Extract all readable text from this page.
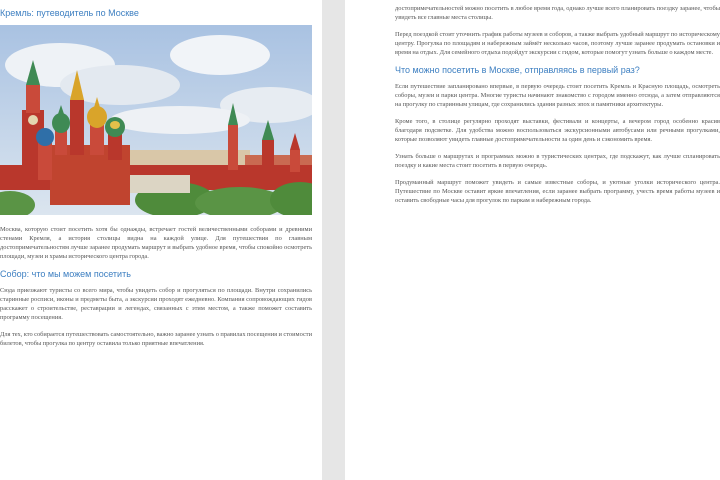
Кремль: путеводитель по Москве

Москва, которую стоит посетить хотя бы однажды, встречает гостей величественными соборами и древними стенами Кремля, а история столицы видна на каждой улице. Для путешествия по главным достопримечательностям лучше заранее продумать маршрут и выбрать удобное время, чтобы спокойно осмотреть площади, музеи и храмы исторического центра города.

Собор: что мы можем посетить

Сюда приезжают туристы со всего мира, чтобы увидеть собор и прогуляться по площади. Внутри сохранились старинные росписи, иконы и предметы быта, а экскурсии проходят ежедневно. Компания сопровождающих гидов расскажет о строительстве, реставрации и легендах, связанных с этим местом, а также поможет составить программу посещения.

Для тех, кто собирается путешествовать самостоятельно, важно заранее узнать о правилах посещения и стоимости билетов, чтобы прогулка по центру оставила только приятные впечатления.

достопримечательностей можно посетить в любое время года, однако лучше всего планировать поездку заранее, чтобы увидеть все главные места столицы.

Перед поездкой стоит уточнить график работы музеев и соборов, а также выбрать удобный маршрут по историческому центру. Прогулка по площадям и набережным займёт несколько часов, поэтому лучше заранее продумать остановки и время на отдых. Для семейного отдыха подойдут экскурсии с гидом, которые помогут узнать больше о каждом месте.

Что можно посетить в Москве, отправляясь в первый раз?

Если путешествие запланировано впервые, в первую очередь стоит посетить Кремль и Красную площадь, осмотреть соборы, музеи и парки центра. Многие туристы начинают знакомство с городом именно отсюда, а затем отправляются на прогулку по старинным улицам, где сохранились здания разных эпох и памятники архитектуры.

Кроме того, в столице регулярно проходят выставки, фестивали и концерты, а вечером город особенно красив благодаря подсветке. Для удобства можно воспользоваться экскурсионными автобусами или речными прогулками, которые позволяют увидеть главные достопримечательности за один день и сэкономить время.

Узнать больше о маршрутах и программах можно в туристических центрах, где подскажут, как лучше спланировать поездку и какие места стоит посетить в первую очередь.

Продуманный маршрут поможет увидеть и самые известные соборы, и уютные уголки исторического центра. Путешествие по Москве оставит яркие впечатления, если заранее выбрать программу, учесть время работы музеев и оставить свободные часы для прогулок по паркам и набережным города.
